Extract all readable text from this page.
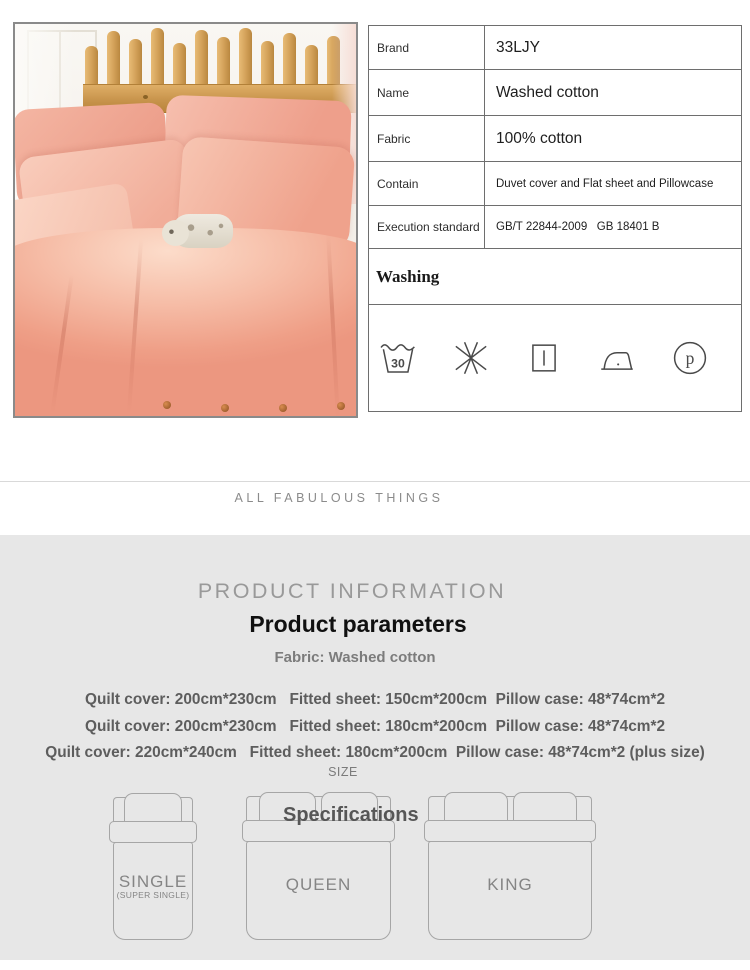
Brand	33LJY
Name	Washed cotton
Fabric	100% cotton
Contain	Duvet cover and Flat sheet and Pillowcase
Execution standard	GB/T 22844-2009   GB 18401 B
Washing
30	p
ALL FABULOUS THINGS
PRODUCT INFORMATION
Product parameters
Fabric: Washed cotton
Quilt cover: 200cm*230cm   Fitted sheet: 150cm*200cm  Pillow case: 48*74cm*2
Quilt cover: 200cm*230cm   Fitted sheet: 180cm*200cm  Pillow case: 48*74cm*2
Quilt cover: 220cm*240cm   Fitted sheet: 180cm*200cm  Pillow case: 48*74cm*2 (plus size)
SIZE
Specifications
SINGLE
(SUPER SINGLE)
QUEEN	KING
